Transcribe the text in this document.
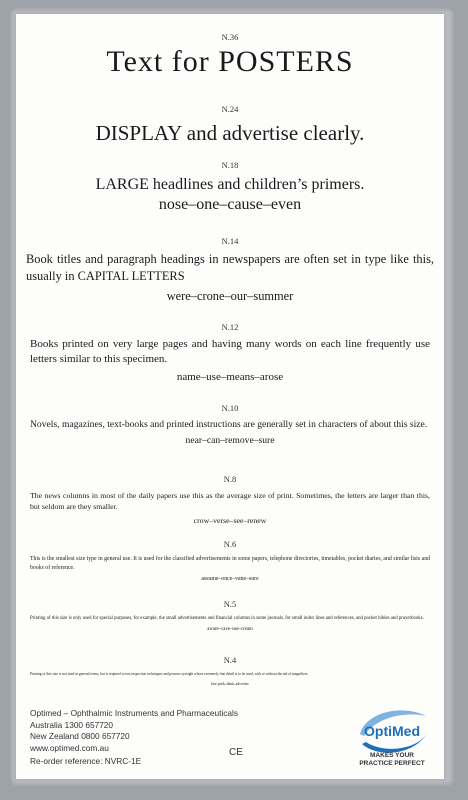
N.36
Text for POSTERS
N.24
DISPLAY and advertise clearly.
N.18
LARGE headlines and children’s primers.
nose–one–cause–even
N.14
Book titles and paragraph headings in newspapers are often set in type like this, usually in CAPITAL LETTERS
were–crone–our–summer
N.12
Books printed on very large pages and having many words on each line frequently use letters similar to this specimen.
name–use–means–arose
N.10
Novels, magazines, text-books and printed instructions are generally set in characters of about this size.
near–can–remove–sure
N.8
The news columns in most of the daily papers use this as the average size of print. Sometimes, the letters are larger than this, but seldom are they smaller.
crow–verse–see–renew
N.6
This is the smallest size type in general use. It is used for the classified advertisements in some papers, telephone directories, timetables, pocket diaries, and similar lists and books of reference.
assume–once–vane–sure
N.5
Printing of this size is only used for special purposes, for example, the small advertisements and financial columns in some journals, for small index lines and references, and pocket bibles and prayerbooks.
aware–cave–use–cream
N.4
Printing of this size is not used in general terms, but is required to test inspection techniques and persons eyesight whose extremely fine detail is to be used, with or without the aid of magnifiers.
kite–pink–think–advertise
Optimed – Ophthalmic Instruments and Pharmaceuticals
Australia 1300 657720
New Zealand 0800 657720
www.optimed.com.au
Re-order reference: NVRC-1E
CE
OptiMed
MAKES YOUR
PRACTICE PERFECT
